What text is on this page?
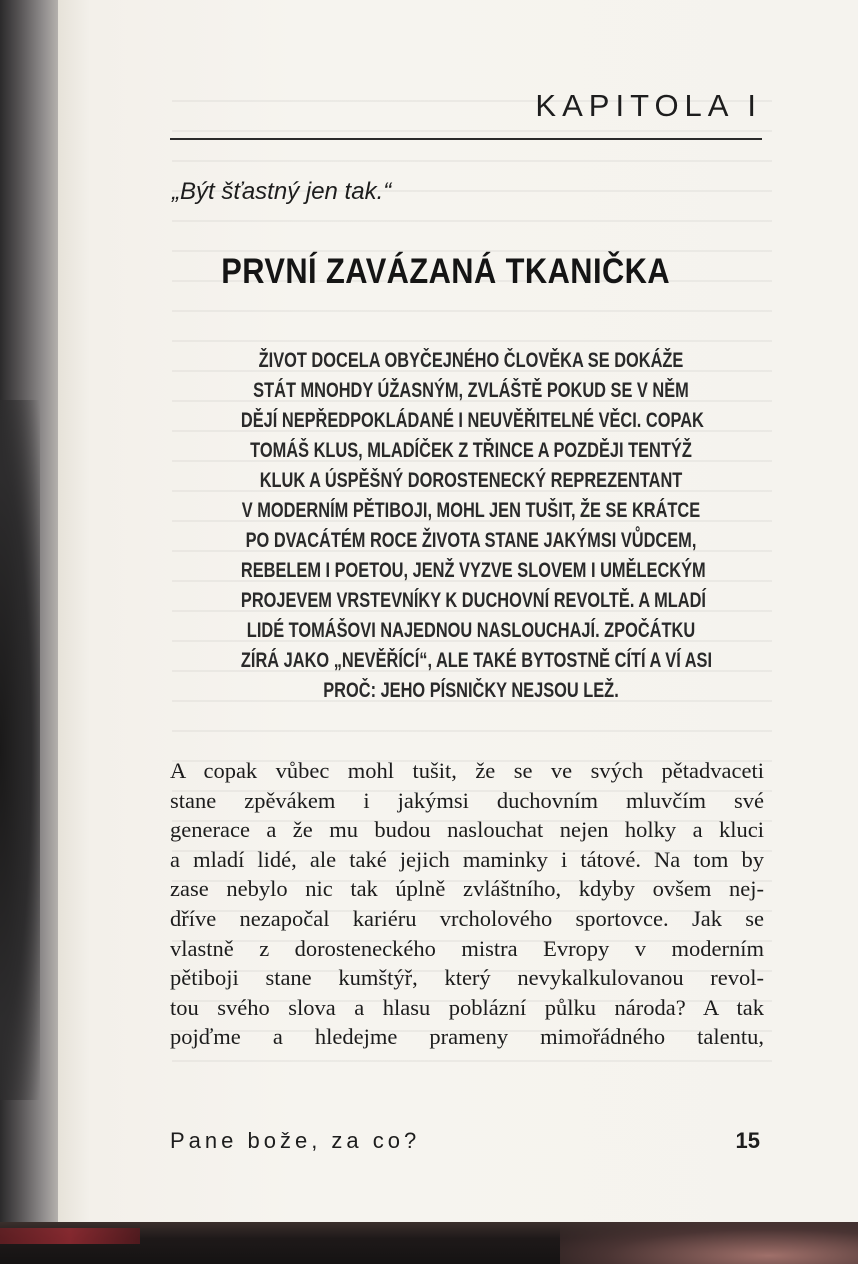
KAPITOLA I
„Být šťastný jen tak.“
PRVNÍ ZAVÁZANÁ TKANIČKA
ŽIVOT DOCELA OBYČEJNÉHO ČLOVĚKA SE DOKÁŽE
STÁT MNOHDY ÚŽASNÝM, ZVLÁŠTĚ POKUD SE V NĚM
DĚJÍ NEPŘEDPOKLÁDANÉ I NEUVĚŘITELNÉ VĚCI. COPAK
TOMÁŠ KLUS, MLADÍČEK Z TŘINCE A POZDĚJI TENTÝŽ
KLUK A ÚSPĚŠNÝ DOROSTENECKÝ REPREZENTANT
V MODERNÍM PĚTIBOJI, MOHL JEN TUŠIT, ŽE SE KRÁTCE
PO DVACÁTÉM ROCE ŽIVOTA STANE JAKÝMSI VŮDCEM,
REBELEM I POETOU, JENŽ VYZVE SLOVEM I UMĚLECKÝM
PROJEVEM VRSTEVNÍKY K DUCHOVNÍ REVOLTĚ. A MLADÍ
LIDÉ TOMÁŠOVI NAJEDNOU NASLOUCHAJÍ. ZPOČÁTKU
ZÍRÁ JAKO „NEVĚŘÍCÍ“, ALE TAKÉ BYTOSTNĚ CÍTÍ A VÍ ASI
PROČ: JEHO PÍSNIČKY NEJSOU LEŽ.
A copak vůbec mohl tušit, že se ve svých pětadvaceti
stane zpěvákem i jakýmsi duchovním mluvčím své
generace a že mu budou naslouchat nejen holky a kluci
a mladí lidé, ale také jejich maminky i tátové. Na tom by
zase nebylo nic tak úplně zvláštního, kdyby ovšem nej-
dříve nezapočal kariéru vrcholového sportovce. Jak se
vlastně z dorosteneckého mistra Evropy v moderním
pětiboji stane kumštýř, který nevykalkulovanou revol-
tou svého slova a hlasu poblázní půlku národa? A tak
pojďme a hledejme prameny mimořádného talentu,
Pane bože, za co?	15
